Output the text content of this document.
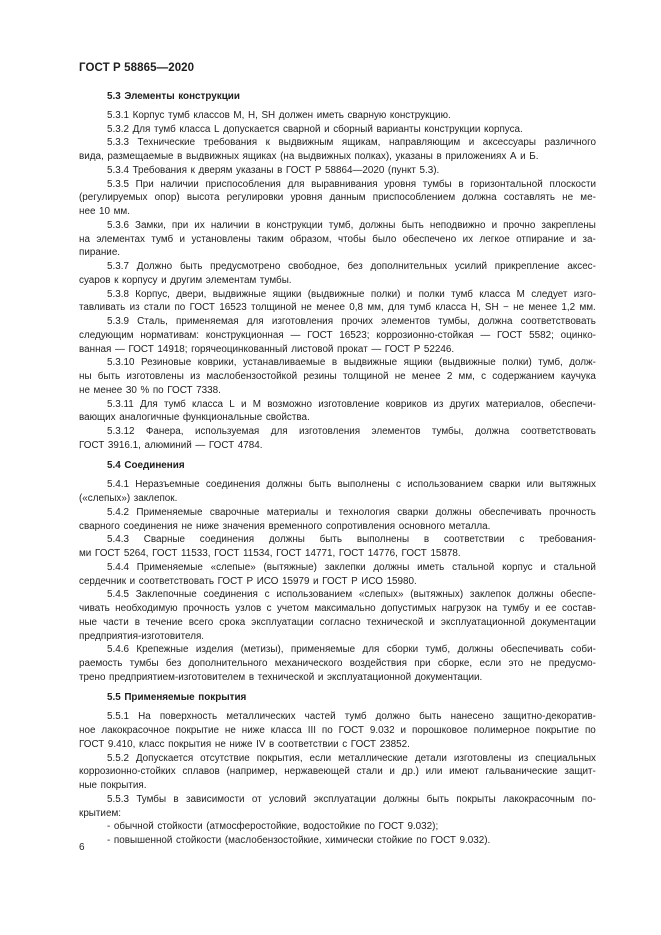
ГОСТ Р 58865—2020
5.3 Элементы конструкции
5.3.1 Корпус тумб классов М, Н, SH должен иметь сварную конструкцию.
5.3.2 Для тумб класса L допускается сварной и сборный варианты конструкции корпуса.
5.3.3 Технические требования к выдвижным ящикам, направляющим и аксессуары различного
вида, размещаемые в выдвижных ящиках (на выдвижных полках), указаны в приложениях А и Б.
5.3.4 Требования к дверям указаны в ГОСТ Р 58864—2020 (пункт 5.3).
5.3.5 При наличии приспособления для выравнивания уровня тумбы в горизонтальной плоскости
(регулируемых опор) высота регулировки уровня данным приспособлением должна составлять не ме-
нее 10 мм.
5.3.6 Замки, при их наличии в конструкции тумб, должны быть неподвижно и прочно закреплены
на элементах тумб и установлены таким образом, чтобы было обеспечено их легкое отпирание и за-
пирание.
5.3.7 Должно быть предусмотрено свободное, без дополнительных усилий прикрепление аксес-
суаров к корпусу и другим элементам тумбы.
5.3.8 Корпус, двери, выдвижные ящики (выдвижные полки) и полки тумб класса М следует изго-
тавливать из стали по ГОСТ 16523 толщиной не менее 0,8 мм, для тумб класса Н, SH − не менее 1,2 мм.
5.3.9 Сталь, применяемая для изготовления прочих элементов тумбы, должна соответствовать
следующим нормативам: конструкционная — ГОСТ 16523; коррозионно-стойкая — ГОСТ 5582; оцинко-
ванная — ГОСТ 14918; горячеоцинкованный листовой прокат — ГОСТ Р 52246.
5.3.10 Резиновые коврики, устанавливаемые в выдвижные ящики (выдвижные полки) тумб, долж-
ны быть изготовлены из маслобензостойкой резины толщиной не менее 2 мм, с содержанием каучука
не менее 30 % по ГОСТ 7338.
5.3.11 Для тумб класса L и М возможно изготовление ковриков из других материалов, обеспечи-
вающих аналогичные функциональные свойства.
5.3.12 Фанера, используемая для изготовления элементов тумбы, должна соответствовать
ГОСТ 3916.1, алюминий — ГОСТ 4784.
5.4 Соединения
5.4.1 Неразъемные соединения должны быть выполнены с использованием сварки или вытяжных
(«слепых») заклепок.
5.4.2 Применяемые сварочные материалы и технология сварки должны обеспечивать прочность
сварного соединения не ниже значения временного сопротивления основного металла.
5.4.3 Сварные соединения должны быть выполнены в соответствии с требования-
ми ГОСТ 5264, ГОСТ 11533, ГОСТ 11534, ГОСТ 14771, ГОСТ 14776, ГОСТ 15878.
5.4.4 Применяемые «слепые» (вытяжные) заклепки должны иметь стальной корпус и стальной
сердечник и соответствовать ГОСТ Р ИСО 15979 и ГОСТ Р ИСО 15980.
5.4.5 Заклепочные соединения с использованием «слепых» (вытяжных) заклепок должны обеспе-
чивать необходимую прочность узлов с учетом максимально допустимых нагрузок на тумбу и ее состав-
ные части в течение всего срока эксплуатации согласно технической и эксплуатационной документации
предприятия-изготовителя.
5.4.6 Крепежные изделия (метизы), применяемые для сборки тумб, должны обеспечивать соби-
раемость тумбы без дополнительного механического воздействия при сборке, если это не предусмо-
трено предприятием-изготовителем в технической и эксплуатационной документации.
5.5 Применяемые покрытия
5.5.1 На поверхность металлических частей тумб должно быть нанесено защитно-декоратив-
ное лакокрасочное покрытие не ниже класса III по ГОСТ 9.032 и порошковое полимерное покрытие по
ГОСТ 9.410, класс покрытия не ниже IV в соответствии с ГОСТ 23852.
5.5.2 Допускается отсутствие покрытия, если металлические детали изготовлены из специальных
коррозионно-стойких сплавов (например, нержавеющей стали и др.) или имеют гальванические защит-
ные покрытия.
5.5.3 Тумбы в зависимости от условий эксплуатации должны быть покрыты лакокрасочным по-
крытием:
- обычной стойкости (атмосферостойкие, водостойкие по ГОСТ 9.032);
- повышенной стойкости (маслобензостойкие, химически стойкие по ГОСТ 9.032).
6
